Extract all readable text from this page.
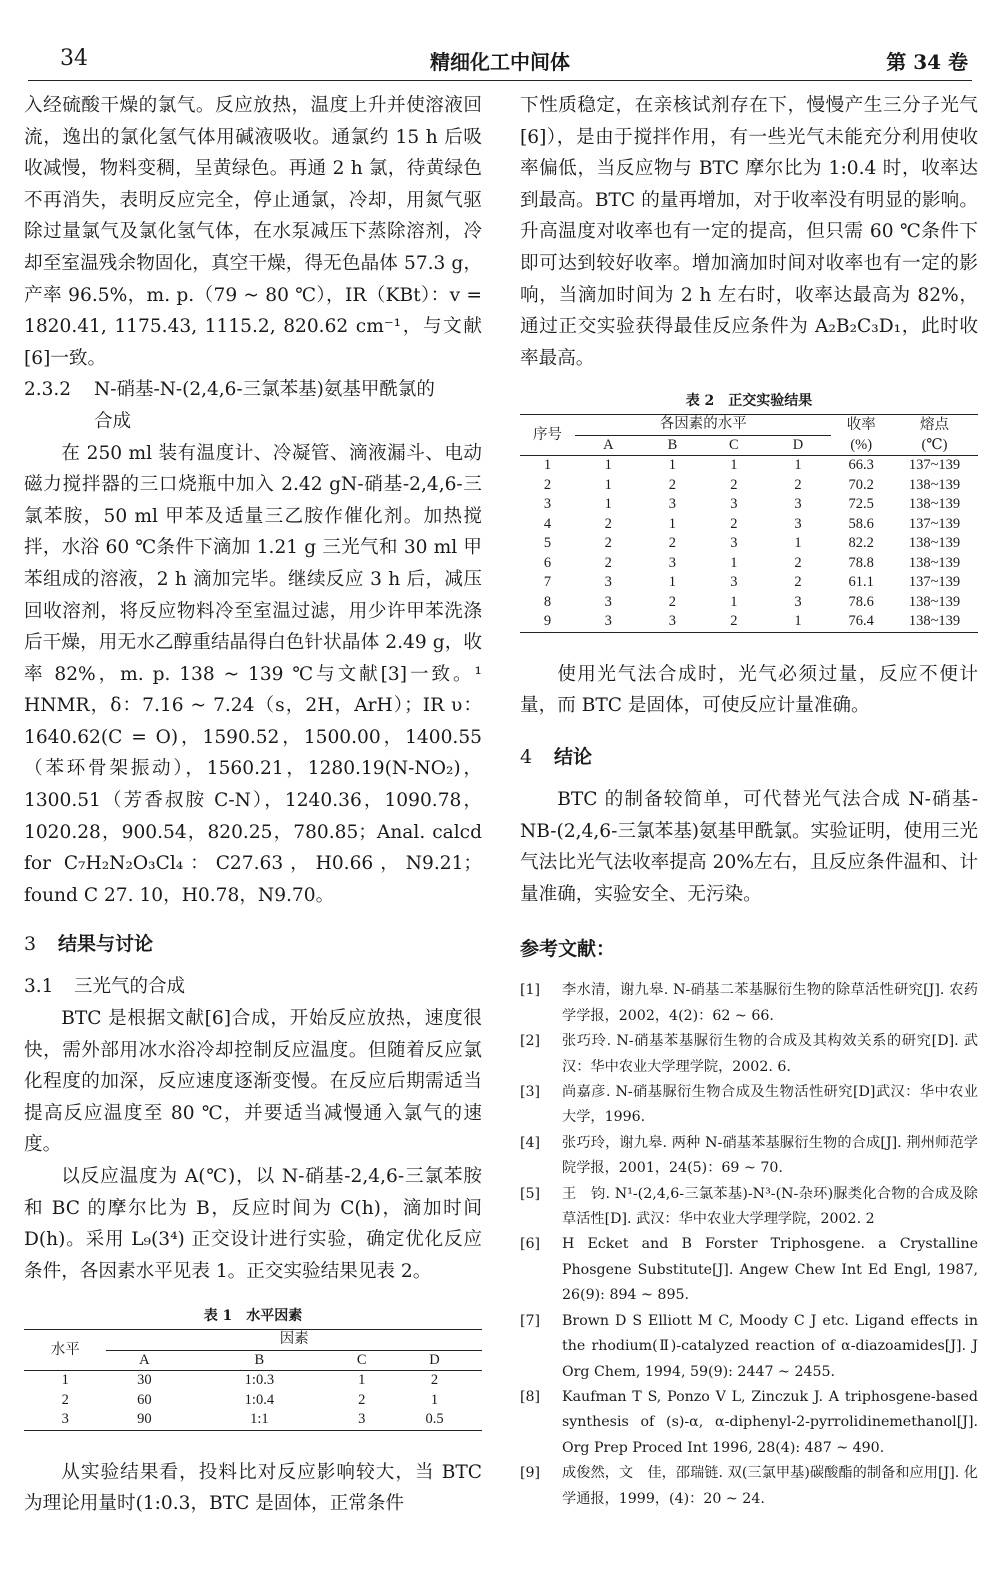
34	精细化工中间体	第 34 卷

入经硫酸干燥的氯气。反应放热，温度上升并使溶液回流，逸出的氯化氢气体用碱液吸收。通氯约 15 h 后吸收减慢，物料变稠，呈黄绿色。再通 2 h 氯，待黄绿色不再消失，表明反应完全，停止通氯，冷却，用氮气驱除过量氯气及氯化氢气体，在水泵减压下蒸除溶剂，冷却至室温残余物固化，真空干燥，得无色晶体 57.3 g，产率 96.5%，m. p.（79 ~ 80 ℃），IR（KBt）：v = 1820.41, 1175.43, 1115.2, 820.62 cm⁻¹，与文献[6]一致。

2.3.2 N-硝基-N-(2,4,6-三氯苯基)氨基甲酰氯的
合成

在 250 ml 装有温度计、冷凝管、滴液漏斗、电动磁力搅拌器的三口烧瓶中加入 2.42 gN-硝基-2,4,6-三氯苯胺，50 ml 甲苯及适量三乙胺作催化剂。加热搅拌，水浴 60 ℃条件下滴加 1.21 g 三光气和 30 ml 甲苯组成的溶液，2 h 滴加完毕。继续反应 3 h 后，减压回收溶剂，将反应物料冷至室温过滤，用少许甲苯洗涤后干燥，用无水乙醇重结晶得白色针状晶体 2.49 g，收率 82%，m. p. 138 ~ 139 ℃与文献[3]一致。¹ HNMR，δ：7.16 ~ 7.24（s，2H，ArH）；IR υ：1640.62(C = O)，1590.52，1500.00，1400.55（苯环骨架振动），1560.21，1280.19(N-NO₂)，1300.51（芳香叔胺 C-N），1240.36，1090.78，1020.28，900.54，820.25，780.85；Anal. calcd for C₇H₂N₂O₃Cl₄：C27.63，H0.66，N9.21；found C 27. 10，H0.78，N9.70。

3 结果与讨论
3.1 三光气的合成

BTC 是根据文献[6]合成，开始反应放热，速度很快，需外部用冰水浴冷却控制反应温度。但随着反应氯化程度的加深，反应速度逐渐变慢。在反应后期需适当提高反应温度至 80 ℃，并要适当减慢通入氯气的速度。

以反应温度为 A(℃)，以 N-硝基-2,4,6-三氯苯胺和 BC 的摩尔比为 B，反应时间为 C(h)，滴加时间 D(h)。采用 L₉(3⁴) 正交设计进行实验，确定优化反应条件，各因素水平见表 1。正交实验结果见表 2。

表 1　水平因素
水平	因素			
	A	B	C	D
1	30	1:0.3	1	2
2	60	1:0.4	2	1
3	90	1:1	3	0.5

从实验结果看，投料比对反应影响较大，当 BTC 为理论用量时(1:0.3，BTC 是固体，正常条件

下性质稳定，在亲核试剂存在下，慢慢产生三分子光气[6]），是由于搅拌作用，有一些光气未能充分利用使收率偏低，当反应物与 BTC 摩尔比为 1:0.4 时，收率达到最高。BTC 的量再增加，对于收率没有明显的影响。升高温度对收率也有一定的提高，但只需 60 ℃条件下即可达到较好收率。增加滴加时间对收率也有一定的影响，当滴加时间为 2 h 左右时，收率达最高为 82%，通过正交实验获得最佳反应条件为 A₂B₂C₃D₁，此时收率最高。

表 2　正交实验结果
序号	各因素的水平				收率	熔点
	A	B	C	D	(%)	(℃)
1	1	1	1	1	66.3	137~139
2	1	2	2	2	70.2	138~139
3	1	3	3	3	72.5	138~139
4	2	1	2	3	58.6	137~139
5	2	2	3	1	82.2	138~139
6	2	3	1	2	78.8	138~139
7	3	1	3	2	61.1	137~139
8	3	2	1	3	78.6	138~139
9	3	3	2	1	76.4	138~139

使用光气法合成时，光气必须过量，反应不便计量，而 BTC 是固体，可使反应计量准确。

4 结论

BTC 的制备较简单，可代替光气法合成 N-硝基-NB-(2,4,6-三氯苯基)氨基甲酰氯。实验证明，使用三光气法比光气法收率提高 20%左右，且反应条件温和、计量准确，实验安全、无污染。

参考文献：
[1] 李水清，谢九皋. N-硝基二苯基脲衍生物的除草活性研究[J]. 农药学学报，2002，4(2)：62 ~ 66.
[2] 张巧玲. N-硝基苯基脲衍生物的合成及其构效关系的研究[D]. 武汉：华中农业大学理学院，2002. 6.
[3] 尚嘉彦. N-硝基脲衍生物合成及生物活性研究[D]武汉：华中农业大学，1996.
[4] 张巧玲，谢九皋. 两种 N-硝基苯基脲衍生物的合成[J]. 荆州师范学院学报，2001，24(5)：69 ~ 70.
[5] 王　钧. N¹-(2,4,6-三氯苯基)-N³-(N-杂环)脲类化合物的合成及除草活性[D]. 武汉：华中农业大学理学院，2002. 2
[6] H Ecket and B Forster Triphosgene. a Crystalline Phosgene Substitute[J]. Angew Chew Int Ed Engl, 1987, 26(9): 894 ~ 895.
[7] Brown D S Elliott M C, Moody C J etc. Ligand effects in the rhodium(Ⅱ)-catalyzed reaction of α-diazoamides[J]. J Org Chem, 1994, 59(9): 2447 ~ 2455.
[8] Kaufman T S, Ponzo V L, Zinczuk J. A triphosgene-based synthesis of (s)-α, α-diphenyl-2-pyrrolidinemethanol[J]. Org Prep Proced Int 1996, 28(4): 487 ~ 490.
[9] 成俊然，文　佳，邵瑞链. 双(三氯甲基)碳酸酯的制备和应用[J]. 化学通报，1999，(4)：20 ~ 24.
